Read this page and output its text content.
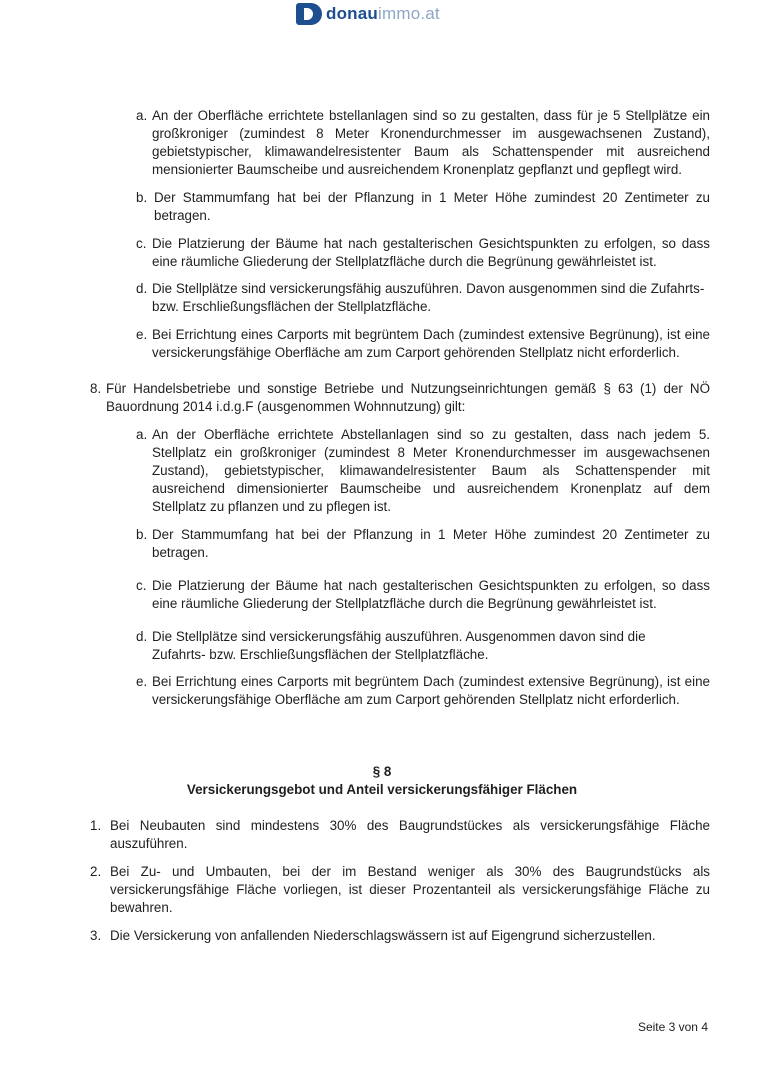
donauimmo.at
a. An der Oberfläche errichtete bstellanlagen sind so zu gestalten, dass für je 5 Stellplätze ein großkroniger (zumindest 8 Meter Kronendurchmesser im ausgewachsenen Zustand), gebietstypischer, klimawandelresistenter Baum als Schattenspender mit ausreichend mensionierter Baumscheibe und ausreichendem Kronenplatz gepflanzt und gepflegt wird.
b. Der Stammumfang hat bei der Pflanzung in 1 Meter Höhe zumindest 20 Zentimeter zu betragen.
c. Die Platzierung der Bäume hat nach gestalterischen Gesichtspunkten zu erfolgen, so dass eine räumliche Gliederung der Stellplatzfläche durch die Begrünung gewährleistet ist.
d. Die Stellplätze sind versickerungsfähig auszuführen. Davon ausgenommen sind die Zufahrts- bzw. Erschließungsflächen der Stellplatzfläche.
e. Bei Errichtung eines Carports mit begrüntem Dach (zumindest extensive Begrünung), ist eine versickerungsfähige Oberfläche am zum Carport gehörenden Stellplatz nicht erforderlich.
8. Für Handelsbetriebe und sonstige Betriebe und Nutzungseinrichtungen gemäß § 63 (1) der NÖ Bauordnung 2014 i.d.g.F (ausgenommen Wohnnutzung) gilt:
a. An der Oberfläche errichtete Abstellanlagen sind so zu gestalten, dass nach jedem 5. Stellplatz ein großkroniger (zumindest 8 Meter Kronendurchmesser im ausgewachsenen Zustand), gebietstypischer, klimawandelresistenter Baum als Schattenspender mit ausreichend dimensionierter Baumscheibe und ausreichendem Kronenplatz auf dem Stellplatz zu pflanzen und zu pflegen ist.
b. Der Stammumfang hat bei der Pflanzung in 1 Meter Höhe zumindest 20 Zentimeter zu betragen.
c. Die Platzierung der Bäume hat nach gestalterischen Gesichtspunkten zu erfolgen, so dass eine räumliche Gliederung der Stellplatzfläche durch die Begrünung gewährleistet ist.
d. Die Stellplätze sind versickerungsfähig auszuführen. Ausgenommen davon sind die Zufahrts- bzw. Erschließungsflächen der Stellplatzfläche.
e. Bei Errichtung eines Carports mit begrüntem Dach (zumindest extensive Begrünung), ist eine versickerungsfähige Oberfläche am zum Carport gehörenden Stellplatz nicht erforderlich.
§ 8
Versickerungsgebot und Anteil versickerungsfähiger Flächen
1. Bei Neubauten sind mindestens 30% des Baugrundstückes als versickerungsfähige Fläche auszuführen.
2. Bei Zu- und Umbauten, bei der im Bestand weniger als 30% des Baugrundstücks als versickerungsfähige Fläche vorliegen, ist dieser Prozentanteil als versickerungsfähige Fläche zu bewahren.
3. Die Versickerung von anfallenden Niederschlagswässern ist auf Eigengrund sicherzustellen.
Seite 3 von 4
